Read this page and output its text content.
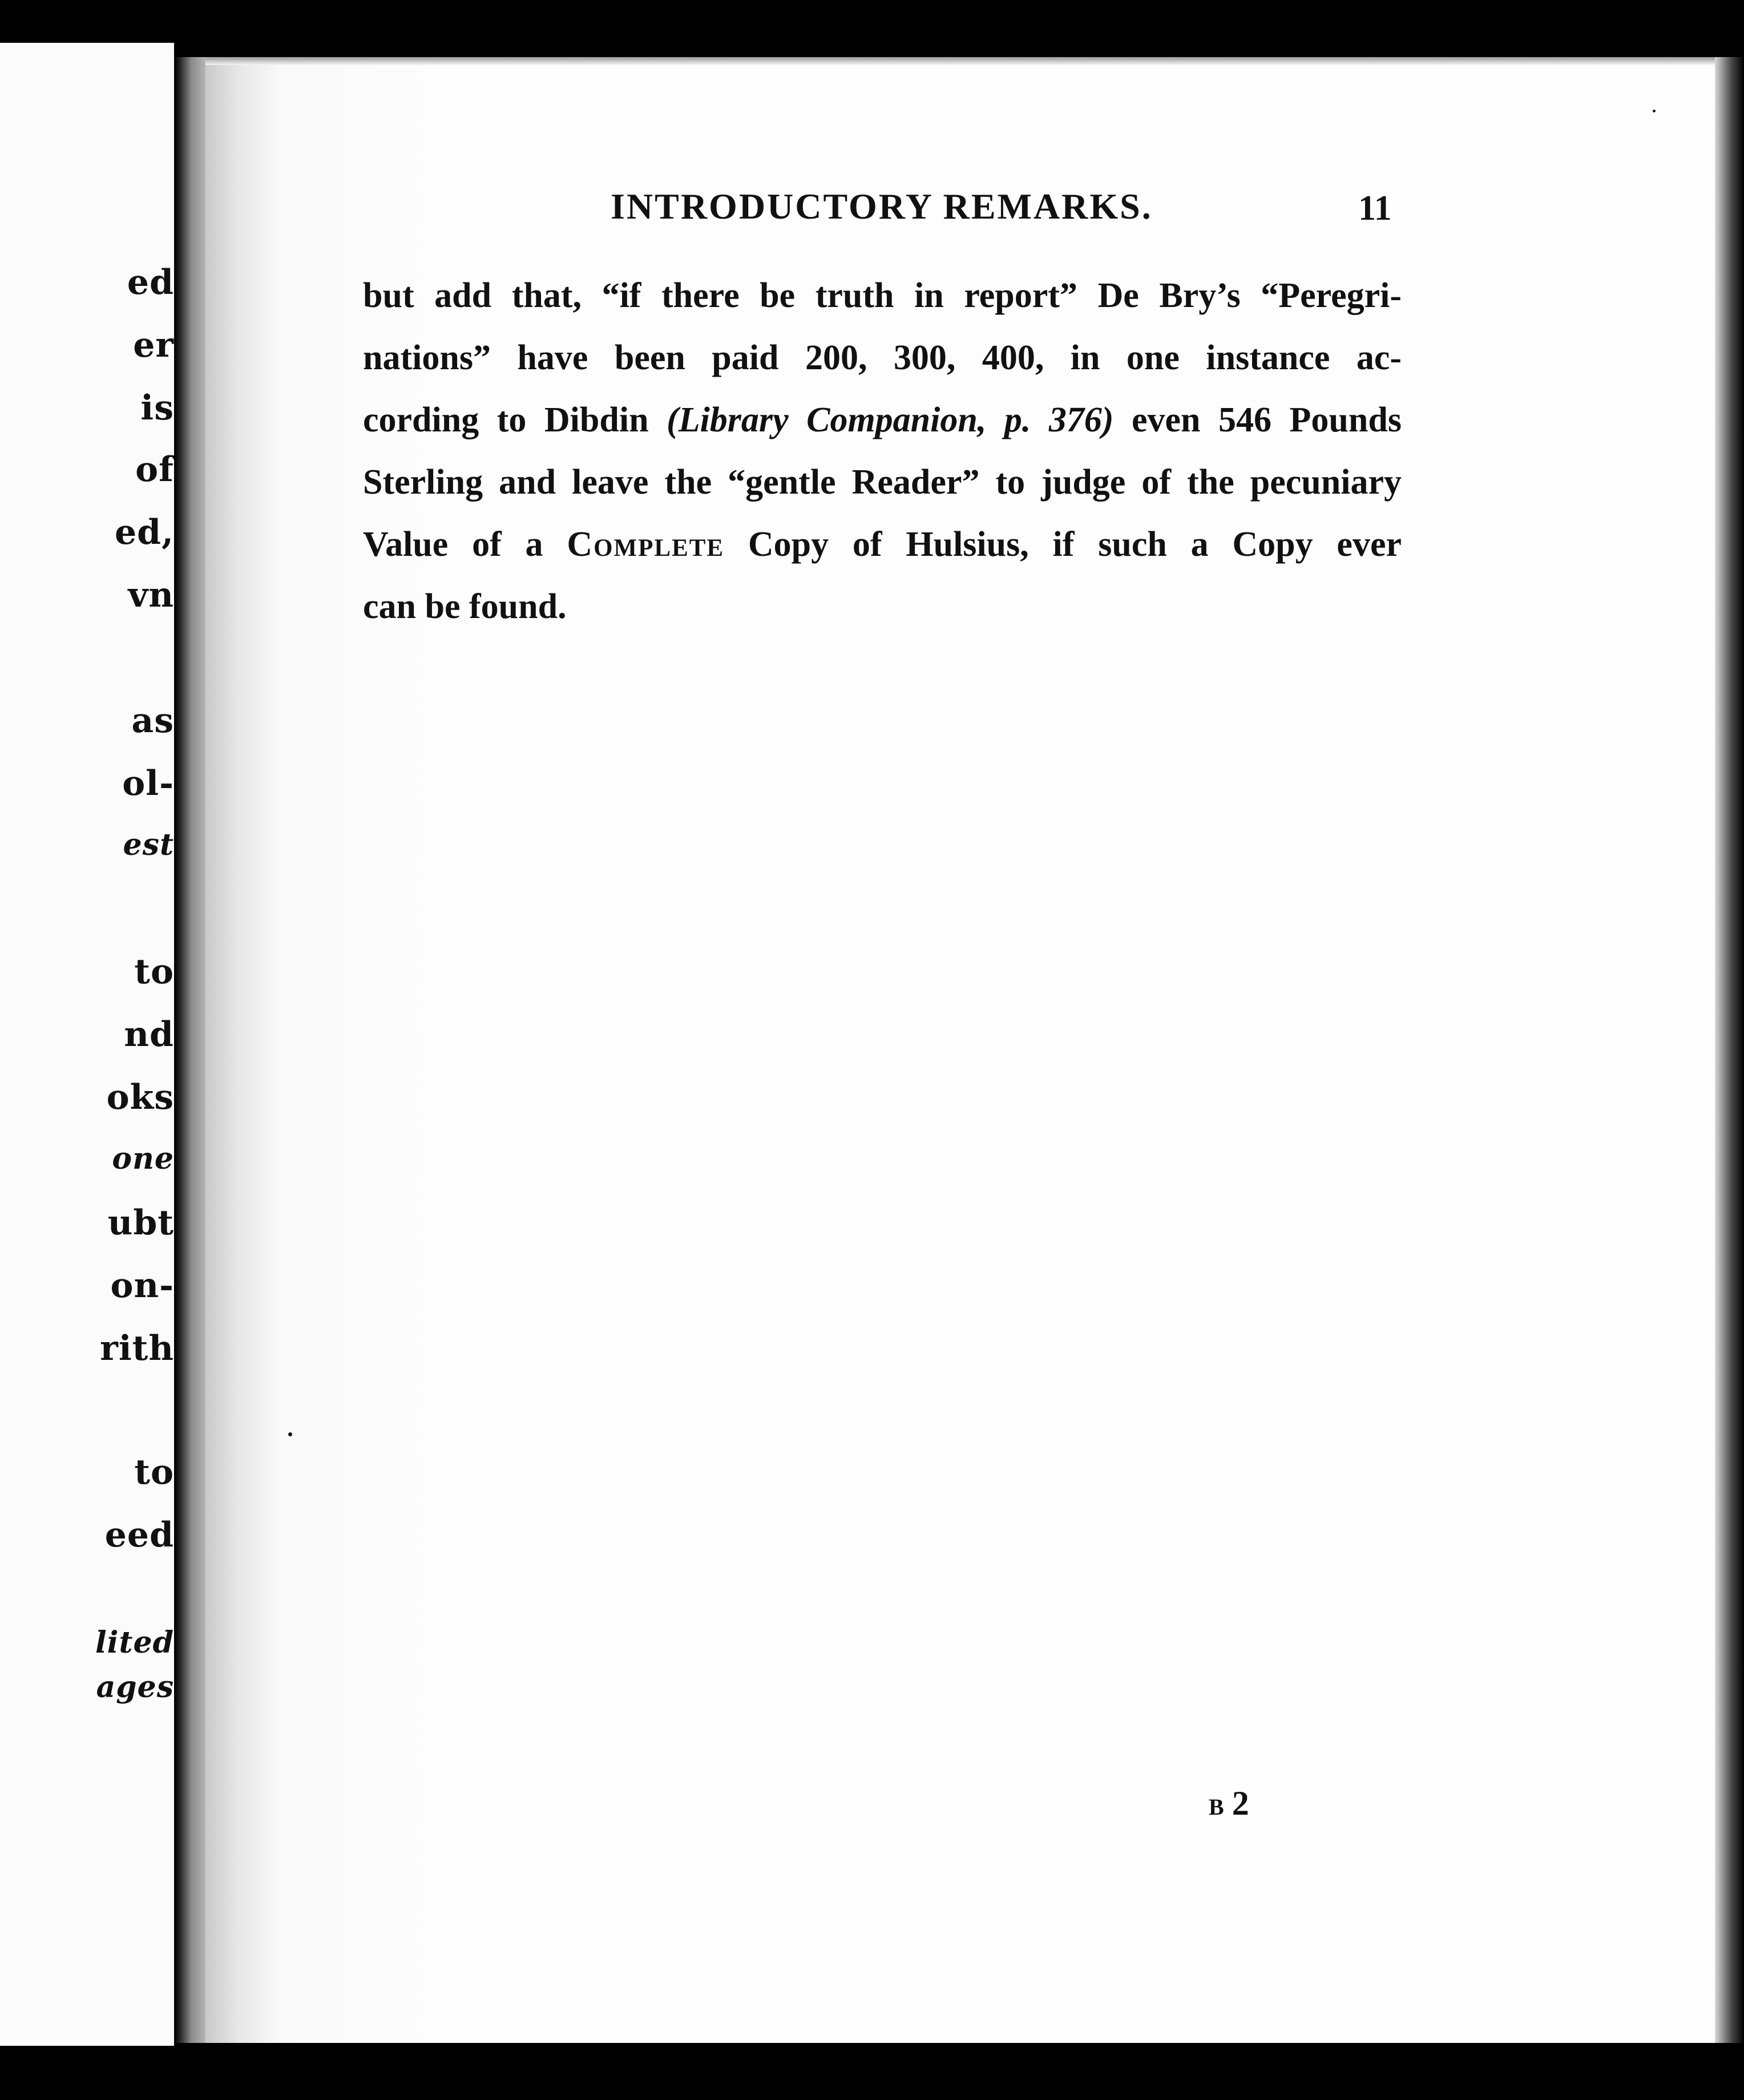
ed

er

is

of

ed,

vn

as

ol-

est

to

nd

oks

one

ubt

on-

rith

to

eed

lited

ages

INTRODUCTORY REMARKS.	11

but add that, “if there be truth in report” De Bry’s “Peregri-

nations” have been paid 200, 300, 400, in one instance ac-

cording to Dibdin (Library Companion, p. 376) even 546 Pounds

Sterling and leave the “gentle Reader” to judge of the pecuniary

Value of a Complete Copy of Hulsius, if such a Copy ever

can be found.

B 2
